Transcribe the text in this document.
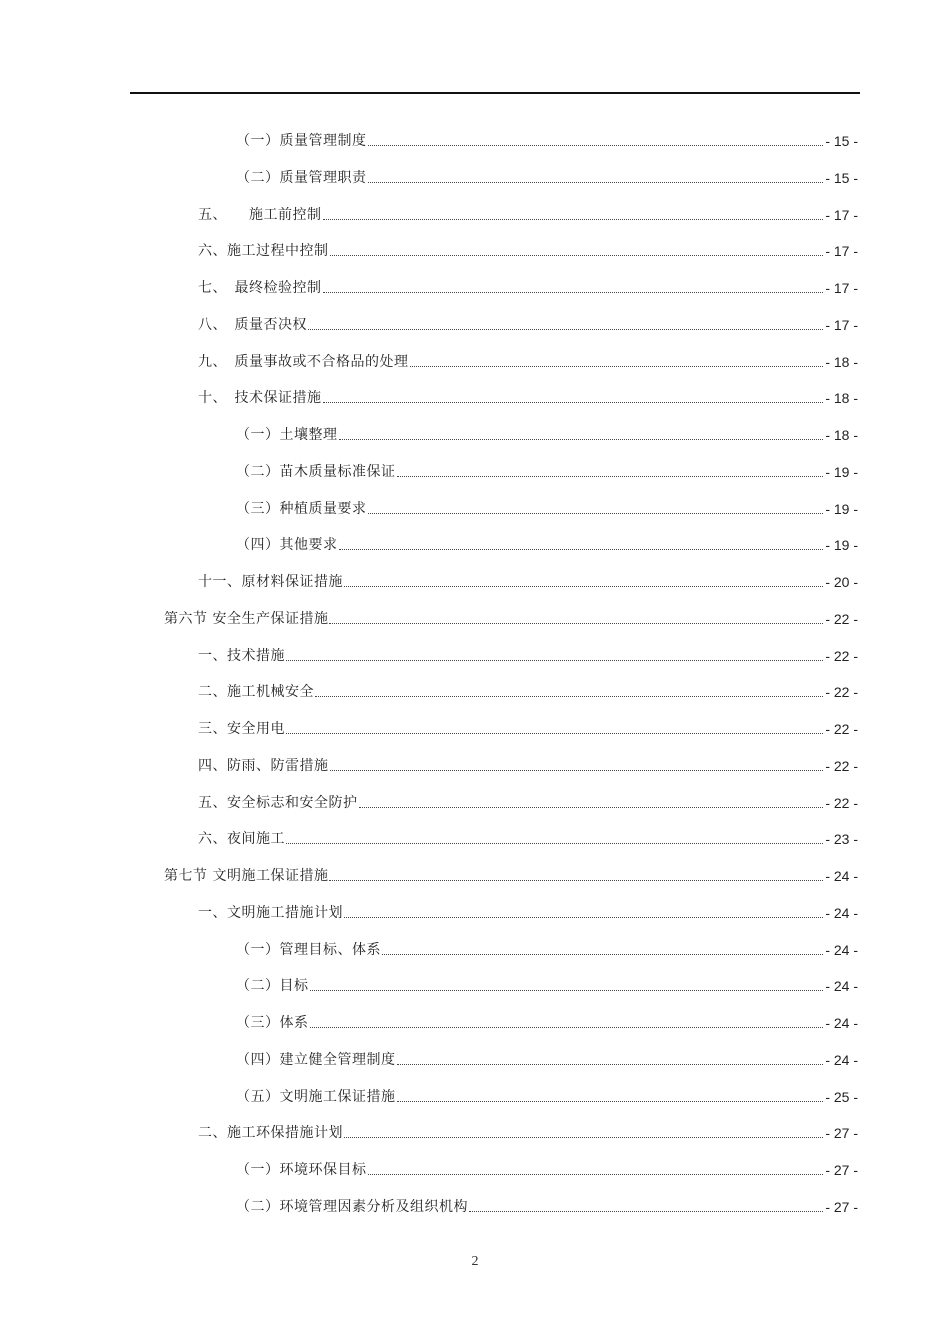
（一）质量管理制度	- 15 -
（二）质量管理职责	- 15 -
五、　　施工前控制	- 17 -
六、施工过程中控制	- 17 -
七、　最终检验控制	- 17 -
八、　质量否决权	- 17 -
九、　质量事故或不合格品的处理	- 18 -
十、　技术保证措施	- 18 -
（一）土壤整理	- 18 -
（二）苗木质量标准保证	- 19 -
（三）种植质量要求	- 19 -
（四）其他要求	- 19 -
十一、原材料保证措施	- 20 -
第六节 安全生产保证措施	- 22 -
一、技术措施	- 22 -
二、施工机械安全	- 22 -
三、安全用电	- 22 -
四、防雨、防雷措施	- 22 -
五、安全标志和安全防护	- 22 -
六、夜间施工	- 23 -
第七节 文明施工保证措施	- 24 -
一、文明施工措施计划	- 24 -
（一）管理目标、体系	- 24 -
（二）目标	- 24 -
（三）体系	- 24 -
（四）建立健全管理制度	- 24 -
（五）文明施工保证措施	- 25 -
二、施工环保措施计划	- 27 -
（一）环境环保目标	- 27 -
（二）环境管理因素分析及组织机构	- 27 -
2
